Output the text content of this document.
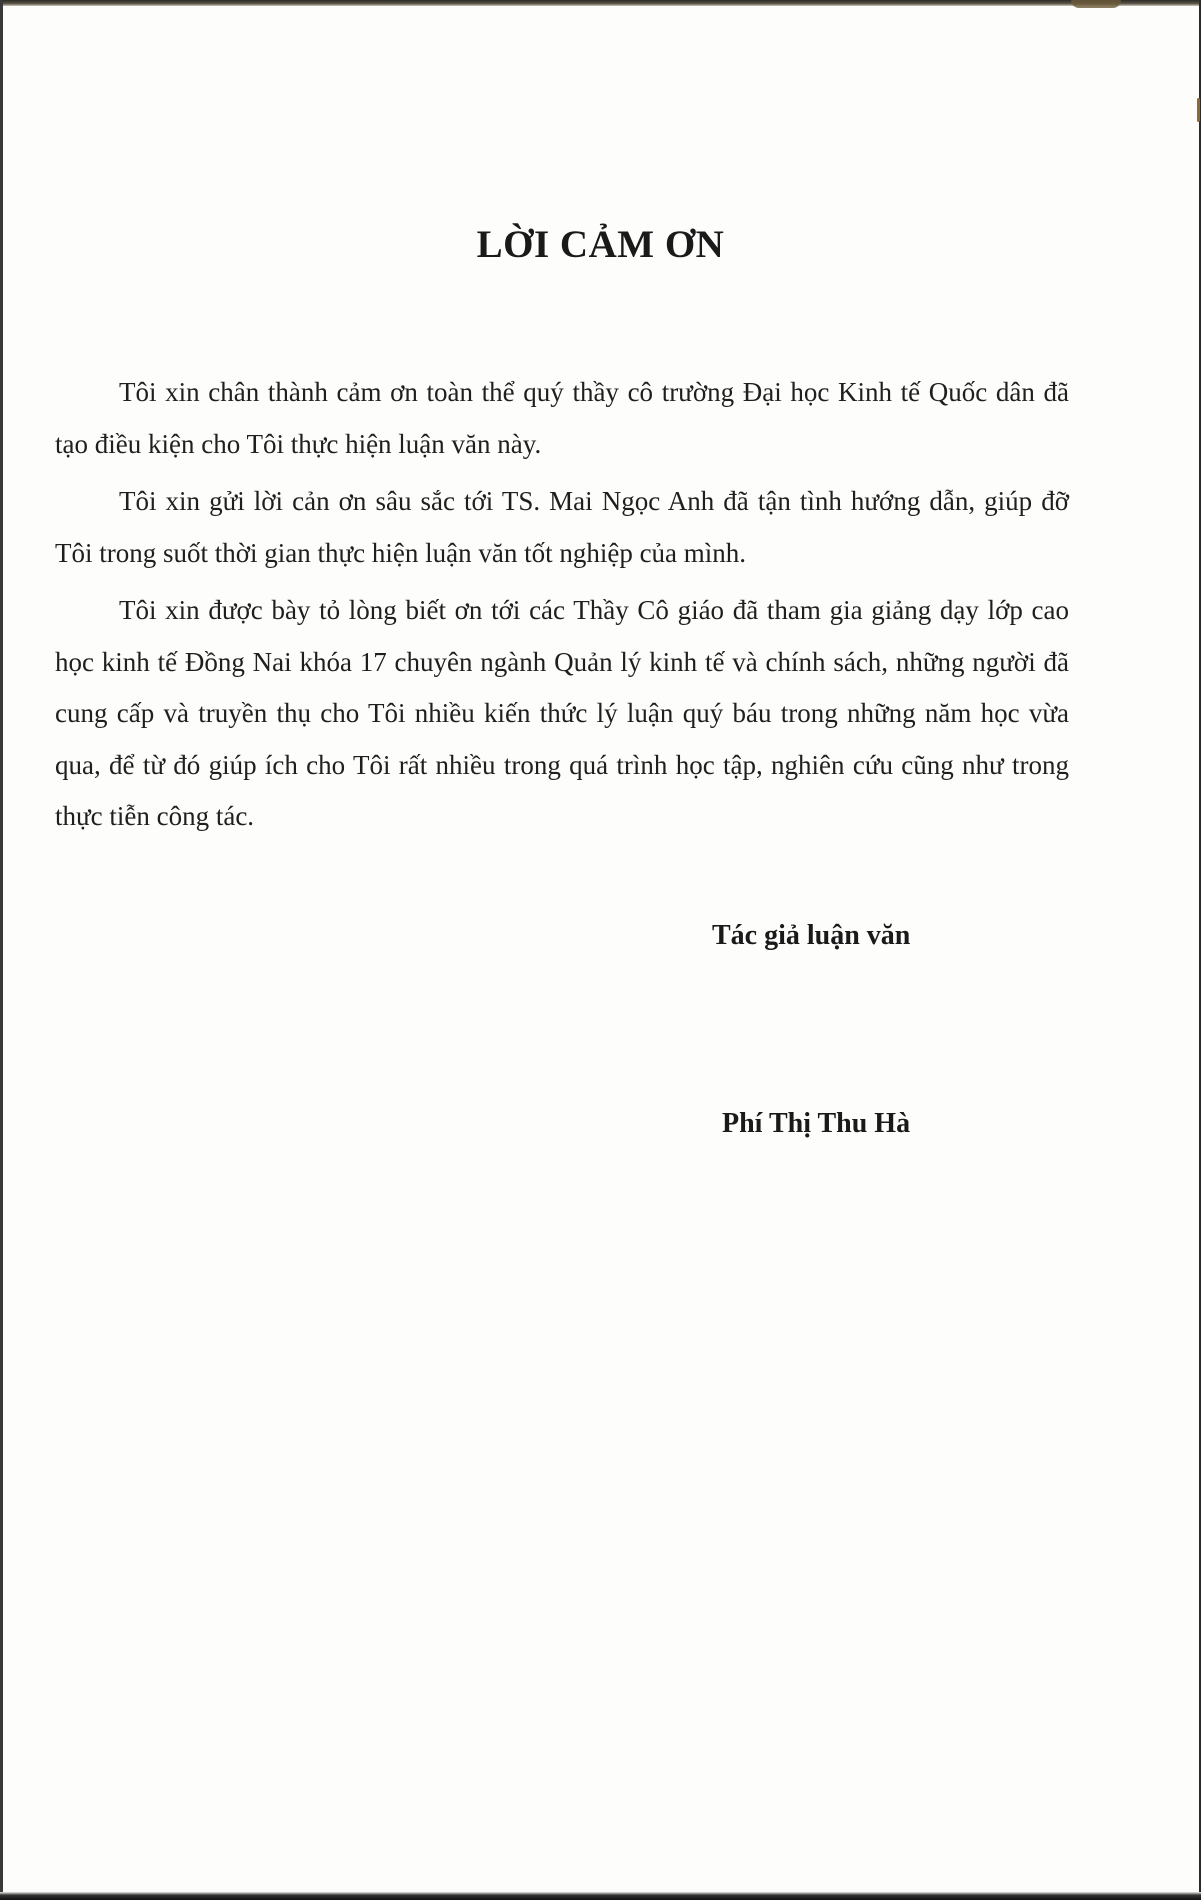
LỜI CẢM ƠN

Tôi xin chân thành cảm ơn toàn thể quý thầy cô trường Đại học Kinh tế Quốc dân đã tạo điều kiện cho Tôi thực hiện luận văn này.

Tôi xin gửi lời cản ơn sâu sắc tới TS. Mai Ngọc Anh đã tận tình hướng dẫn, giúp đỡ Tôi trong suốt thời gian thực hiện luận văn tốt nghiệp của mình.

Tôi xin được bày tỏ lòng biết ơn tới các Thầy Cô giáo đã tham gia giảng dạy lớp cao học kinh tế Đồng Nai khóa 17 chuyên ngành Quản lý kinh tế và chính sách, những người đã cung cấp và truyền thụ cho Tôi nhiều kiến thức lý luận quý báu trong những năm học vừa qua, để từ đó giúp ích cho Tôi rất nhiều trong quá trình học tập, nghiên cứu cũng như trong thực tiễn công tác.

Tác giả luận văn
Phí Thị Thu Hà
